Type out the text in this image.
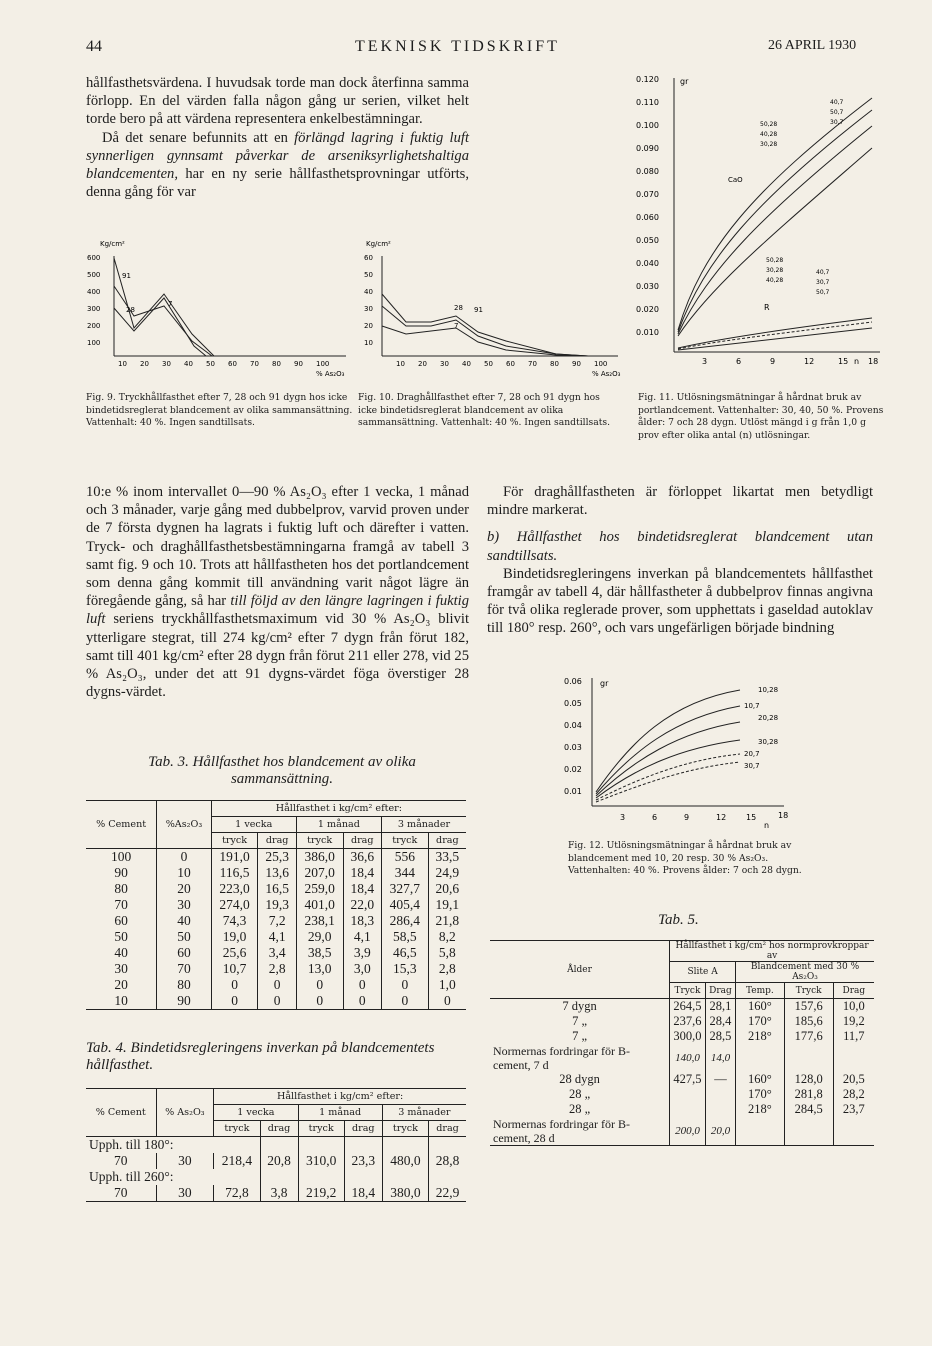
44	TEKNISK TIDSKRIFT	26 APRIL 1930

hållfasthetsvärdena. I huvudsak torde man dock återfinna samma förlopp. En del värden falla någon gång ur serien, vilket helt torde bero på att värdena representera enkelbestämningar.

Då det senare befunnits att en förlängd lagring i fuktig luft synnerligen gynnsamt påverkar de arseniksyrlighetshaltiga blandcementen, har en ny serie hållfasthetsprovningar utförts, denna gång för var

Kg/cm²
600
500
400
300
200
100
10 20 30 40 50 60 70 80 90 100
% As₂O₃
91
28
7

Fig. 9. Tryckhållfasthet efter 7, 28 och 91 dygn hos icke bindetidsreglerat blandcement av olika sammansättning. Vattenhalt: 40 %. Ingen sandtillsats.

Kg/cm²
60
50
40
30
20
10
10 20 30 40 50 60 70 80 90 100
% As₂O₃
28 91
7

Fig. 10. Draghållfasthet efter 7, 28 och 91 dygn hos icke bindetidsreglerat blandcement av olika sammansättning. Vattenhalt: 40 %. Ingen sandtillsats.

gr
0.120
0.110
0.100
0.090
0.080
0.070
0.060
0.050
0.040
0.030
0.020
0.010
3	6	9	12	15 n 18
50,28
40,28
30,28
40,7
50,7
30,7
CaO
50,28
30,28
40,28
40,7
30,7
50,7
R

Fig. 11. Utlösningsmätningar å hårdnat bruk av portlandcement. Vattenhalter: 30, 40, 50 %. Provens ålder: 7 och 28 dygn. Utlöst mängd i g från 1,0 g prov efter olika antal (n) utlösningar.

10:e % inom intervallet 0—90 % As₂O₃ efter 1 vecka, 1 månad och 3 månader, varje gång med dubbelprov, varvid proven under de 7 första dygnen ha lagrats i fuktig luft och därefter i vatten. Tryck- och draghållfasthetsbestämningarna framgå av tabell 3 samt fig. 9 och 10. Trots att hållfastheten hos det portlandcement som denna gång kommit till användning varit något lägre än föregående gång, så har till följd av den längre lagringen i fuktig luft seriens tryckhållfasthetsmaximum vid 30 % As₂O₃ blivit ytterligare stegrat, till 274 kg/cm² efter 7 dygn från förut 182, samt till 401 kg/cm² efter 28 dygn från förut 211 eller 278, vid 25 % As₂O₃, under det att 91 dygns-värdet föga överstiger 28 dygns-värdet.

För draghållfastheten är förloppet likartat men betydligt mindre markerat.

b) Hållfasthet hos bindetidsreglerat blandcement utan sandtillsats.

Bindetidsregleringens inverkan på blandcementets hållfasthet framgår av tabell 4, där hållfastheter å dubbelprov finnas angivna för två olika reglerade prover, som upphettats i gaseldad autoklav till 180° resp. 260°, och vars ungefärligen började bindning

gr
0.06
0.05
0.04
0.03
0.02
0.01
3	6	9	12 15	18
n
10,28
10,7
20,28
30,28
20,7
30,7

Fig. 12. Utlösningsmätningar å hårdnat bruk av blandcement med 10, 20 resp. 30 % As₂O₃. Vattenhalten: 40 %. Provens ålder: 7 och 28 dygn.

Tab. 3. Hållfasthet hos blandcement av olika sammansättning.
% Cement	%As₂O₃	Hållfasthet i kg/cm² efter:					
		1 vecka		1 månad		3 månader	
		tryck	drag	tryck	drag	tryck	drag
100	0	191,0	25,3	386,0	36,6	556	33,5
90	10	116,5	13,6	207,0	18,4	344	24,9
80	20	223,0	16,5	259,0	18,4	327,7	20,6
70	30	274,0	19,3	401,0	22,0	405,4	19,1
60	40	74,3	7,2	238,1	18,3	286,4	21,8
50	50	19,0	4,1	29,0	4,1	58,5	8,2
40	60	25,6	3,4	38,5	3,9	46,5	5,8
30	70	10,7	2,8	13,0	3,0	15,3	2,8
20	80	0	0	0	0	0	1,0
10	90	0	0	0	0	0	0
Tab. 4. Bindetidsregleringens inverkan på blandcementets hållfasthet.
% Cement	% As₂O₃	Hållfasthet i kg/cm² efter:					
		1 vecka		1 månad		3 månader	
		tryck	drag	tryck	drag	tryck	drag
Upph. till 180°:							
70	30	218,4	20,8	310,0	23,3	480,0	28,8
Upph. till 260°:							
70	30	72,8	3,8	219,2	18,4	380,0	22,9
Tab. 5.
Ålder	Hållfasthet i kg/cm² hos normprovkroppar av				
	Slite A		Blandcement med 30 % As₂O₃		
	Tryck	Drag	Temp.	Tryck	Drag
7 dygn	264,5	28,1	160°	157,6	10,0
7 „	237,6	28,4	170°	185,6	19,2
7 „	300,0	28,5	218°	177,6	11,7
Normernas fordringar för B-cement, 7 d	140,0	14,0			
28 dygn	427,5	—	160°	128,0	20,5
28 „			170°	281,8	28,2
28 „			218°	284,5	23,7
Normernas fordringar för B-cement, 28 d	200,0	20,0			
